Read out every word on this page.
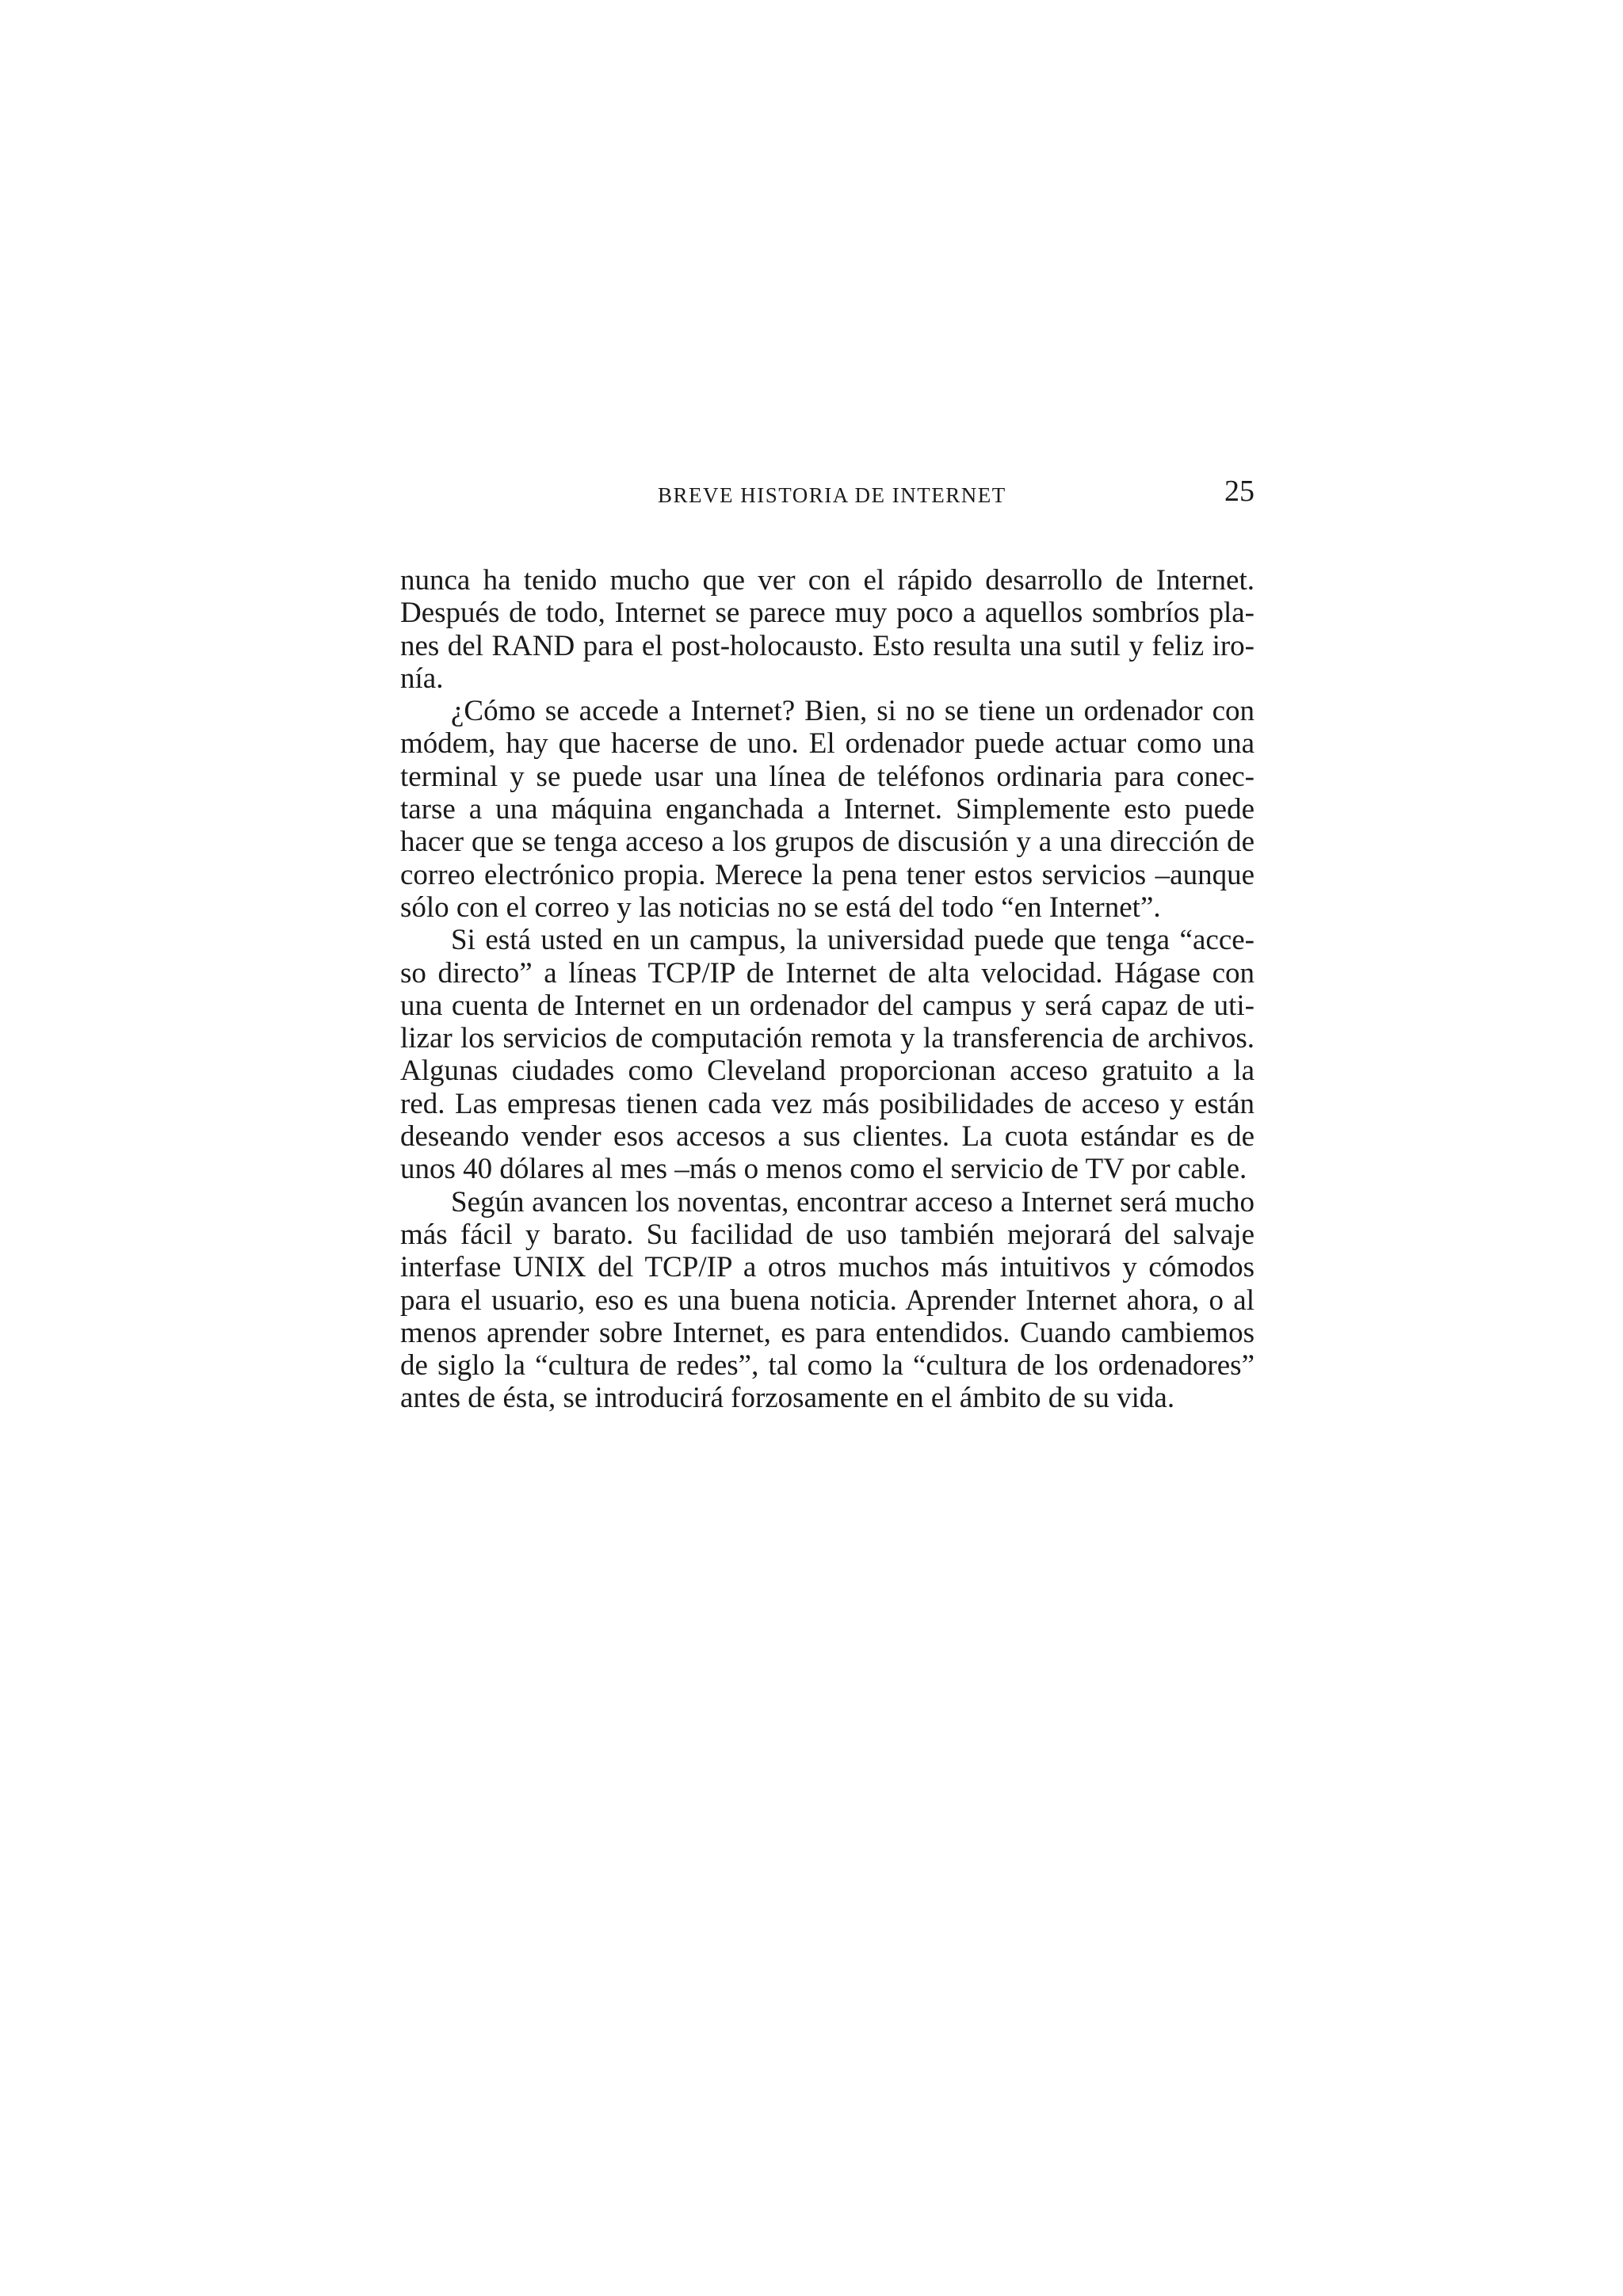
BREVE HISTORIA DE INTERNET	25
nunca ha tenido mucho que ver con el rápido desarrollo de Internet.
Después de todo, Internet se parece muy poco a aquellos sombríos pla-
nes del RAND para el post-holocausto. Esto resulta una sutil y feliz iro-
nía.
¿Cómo se accede a Internet? Bien, si no se tiene un ordenador con
módem, hay que hacerse de uno. El ordenador puede actuar como una
terminal y se puede usar una línea de teléfonos ordinaria para conec-
tarse a una máquina enganchada a Internet. Simplemente esto puede
hacer que se tenga acceso a los grupos de discusión y a una dirección de
correo electrónico propia. Merece la pena tener estos servicios –aunque
sólo con el correo y las noticias no se está del todo “en Internet”.
Si está usted en un campus, la universidad puede que tenga “acce-
so directo” a líneas TCP/IP de Internet de alta velocidad. Hágase con
una cuenta de Internet en un ordenador del campus y será capaz de uti-
lizar los servicios de computación remota y la transferencia de archivos.
Algunas ciudades como Cleveland proporcionan acceso gratuito a la
red. Las empresas tienen cada vez más posibilidades de acceso y están
deseando vender esos accesos a sus clientes. La cuota estándar es de
unos 40 dólares al mes –más o menos como el servicio de TV por cable.
Según avancen los noventas, encontrar acceso a Internet será mucho
más fácil y barato. Su facilidad de uso también mejorará del salvaje
interfase UNIX del TCP/IP a otros muchos más intuitivos y cómodos
para el usuario, eso es una buena noticia. Aprender Internet ahora, o al
menos aprender sobre Internet, es para entendidos. Cuando cambiemos
de siglo la “cultura de redes”, tal como la “cultura de los ordenadores”
antes de ésta, se introducirá forzosamente en el ámbito de su vida.
